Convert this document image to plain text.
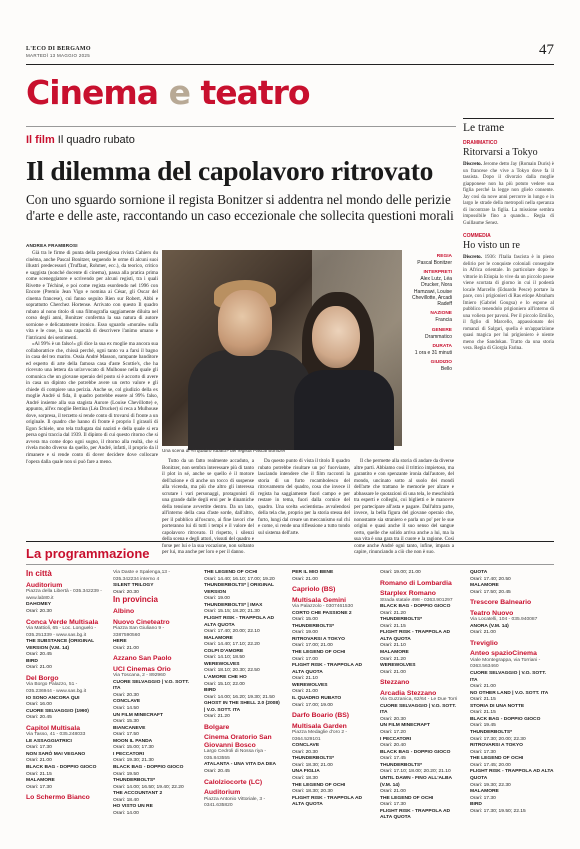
L'ECO DI BERGAMO
MARTEDÌ 13 MAGGIO 2025	47
Cinema e teatro
Il film Il quadro rubato
Il dilemma del capolavoro ritrovato
Con uno sguardo sornione il regista Bonitzer si addentra nel mondo delle perizie d'arte e delle aste, raccontando un caso eccezionale che sollecita questioni morali
ANDREA FRAMBROSI

Già tra le firme di punta della prestigiosa rivista Cahiers du cinéma, anche Pascal Bonitzer, seguendo le orme di alcuni suoi illustri predecessori (Truffaut, Rohmer, ecc.), da teorico, critico e saggista (nonché docente di cinema), passa alla pratica prima come sceneggiatore e scrivendo per alcuni registi, tra i quali Rivette e Téchiné, e poi come regista esordendo nel 1996 con Encore (Premio Jean Vigo e nomina ai César, gli Oscar del cinema francese), cui fanno seguito Rien sur Robert, Abbi e soprattutto Cherchez Hortense. Arrivato con questo Il quadro rubato al nono titolo di una filmografia saggiamente diluita nel corso degli anni, Bonitzer conferma la sua natura di autore sornione e delicatamente ironico. Esso sguardo «morale» sulla vita e le cose, la sua capacità di descrivere l'animo umano e l'intricarsi dei sentimenti.

«Al 99% è un falso!» gli dice la sua ex moglie ma ancora sua collaboratrice che, chissà perché, ogni tanto va a farsi il bagno in casa del tex marito. Ossia André Masson, rampante banditore ed esperto di arte della famosa casa d'aste Scottie's, che ha ricevuto una lettera da un'avvocato di Mulhouse nella quale gli comunica che un giovane operaio del posto si è accorto di avere in casa un dipinto che potrebbe avere un certo valore e gli chiede di compiere una perizia. Anche se, col giudizio della ex moglie André si fida, il quadro potrebbe essere al 99% falso, André insieme alla sua stagista Aurore (Louise Chevillotte) e, appunto, all'ex moglie Bertina (Léa Drucker) si reca a Mulhouse dove, sorpresa, il terzetto si rende conto di trovarsi di fronte a un originale. Il quadro che hanno di fronte è proprio I girasoli di Egon Schiele, uno tela trafugata dai nazisti e della quale si era persa ogni traccia dal 1939. Il dipinto di cui questo ritorno che si avvera ma come dopo ogni sogno, il ritorno alla realtà, che si rivela molto diverso da quello, per André, infatti, il proprio da il rimanere e si rende conto di dover decidere dove collocare l'opera dalla quale non si può fare a meno.

Una scena di «Il quadro rubato» del regista Pascal Bonitzer
REGIA
Pascal Bonitzer
INTERPRETI
Alex Lutz, Léa Drucker, Nora Hamzawi, Louise Chevillotte, Arcadi Radeff
NAZIONE
Francia
GENERE
Drammatico
DURATA
1 ora e 31 minuti
GIUDIZIO
Bello

Tutto da un fatto realmente accaduto, a Bonitzer, non sembra interessare più di tanto il plot in sé, anche se quello è il motore dell'azione e di anche un tocco di suspense alla vicenda, ma più che altro gli interessa scrutare i vari personaggi, protagonisti di una grande dalle degli eroi per le dinamiche della tensione avvertite dentro. Da un lato, all'interno della casa d'aste sorde, dall'altro, per il pubblico all'oscuro, ai fine lavori che porteranno lui di tutti i tempi e il valore del capolavoro ritrovato. Il rispetto, i silenzi della scena e degli attori, vissuti del quadro e forse per lui e la sua vocazione, non soltanto per lui, ma anche per loro e per il danno.

Da questo punto di vista il titolo Il quadro rubato potrebbe risultare un po' fuorviante, lasciando intendere che il film racconti la storia di un furto rocambolesco del ritrovamento del quadro, cosa che invece il regista ha saggiamente fuori campo e per restare in tema, fuori dalla cornice del quadro. Una scelta «scientista» avvalendosi della tela che, proprio per la storia stessa del furto, lungi dal creare un meccanismo sul chi e come, si rende una riflessione a tutto tondo sul sistema dell'arte.

Il che permette alla storia di andare da diverse altre parti. Abbiamo così il trittico impietoso, ma garantito e con spenzante ironia dall'autore, del mondo, uncinato sotto al suolo dei mondi dell'arte che trattano le memorie per alzare e abbassare le quotazioni di una tela, le meschinità tra esperti e colleghi, coi biglietti e le manovre per partecipare all'asta e pagare. Dall'altra parte, invece, la bella figura del giovane operaio che, nonostante sia straniero e parla un po' per le sue origini e quasi anche il suo senso del sangue certo, quelle che solido arriva anche a lui, ma la sua vita è una gara tra il cuore e la ragione. Così come anche André ogni tanto, infine, impara a capire, rinunciando a ciò che non è suo.

Le trame
DRAMMATICO
Ritorvarsi a Tokyo
Discreto. Jerome detto Jay (Romain Duris) è un francese che vive a Tokyo dove fa il tassista. Dopo il divorzio dalla moglie giapponese non ha più potuto vedere sua figlia perché la legge non glielo consente. Jay così da nove anni percorre in lungo e in largo le strade della metropoli nella speranza di incontrare la figlia. La missione sembra impossibile fino a quando... Regia di Guillaume Senez.
COMMEDIA
Ho visto un re
Discreto. 1936: l'Italia fascista è in pieno delirio per le conquiste coloniali conseguite in Africa orientale. In particolare dopo le vittorie in Etiopia lo vive da un piccolo paese viene scortata di giorno in cui il podestà locale Marcello (Edoardo Pesce) portare la pace, con i prigionieri di Ras etiope Abraham Imiero (Gabriel Gougsa) e lo espone al pubblico tenendolo prigioniero all'interno di una voliera per pavoni. Per il piccolo Emilio, il figlio di Marcello, appassionato dei romanzi di Salgari, quella è un'apparizione quasi magica per lui prigioniero è niente meno che Sandokan. Tratto da una storia vera. Regia di Giorgia Farina.
La programmazione
In città
Auditorium
Piazza della Libertà - 035.342239 - www.lab80.it
DAHOMEY
Orari: 20.30
Conca Verde Multisala
Via Mattioli, 65 - Loc. Longuelo - 035.251339 - www.sas.bg.it
THE SUBSTANCE (ORIGINAL VERSION (V.M. 14)
Orari: 20.45
BIRD
Orari: 21.00
Del Borgo
Via Borgo Palazzo, 51 - 035.236944 - www.sas.bg.it
IO SONO ANCORA QUI
Orari: 16.00
CUORE SELVAGGIO (1990)
Orari: 20.45
Capitol Multisala
Via Tasso, 41 - 035.248033
LE ASSAGGIATRICI
Orari: 17.30
NON SARÒ MAI VEGANO
Orari: 21.00
BLACK BAG - DOPPIO GIOCO
Orari: 21.15
MALAMORE
Orari: 17.30
Lo Schermo Bianco
Via Daste e Spalenga,13 - 035.342234 interno 4
SILENT TRILOGY
Orari: 20.30
In provincia
Albino
Nuovo Cineteatro
Piazza San Giuliano 9 - 3387590560
HERE
Orari: 21.00
Azzano San Paolo
UCI Cinemas Orio
Via Toscana, 2 - 892960
CUORE SELVAGGIO | V.O. SOTT. ITA
Orari: 20.30
CONCLAVE
Orari: 14.50
UN FILM MINECRAFT
Orari: 15.30
BIANCANEVE
Orari: 17.50
MOON IL PANDA
Orari: 15.00; 17.30
I PECCATORI
Orari: 19.30; 21.30
BLACK BAG - DOPPIO GIOCO
Orari: 19.50
THUNDERBOLTS*
Orari: 14.00; 16.50; 19.40; 22.20
THE ACCOUNTANT 2
Orari: 18.40
HO VISTO UN RE
Orari: 14.00
THE LEGEND OF OCHI
Orari: 14.40; 16.10; 17.00; 19.20
THUNDERBOLTS* | ORIGINAL VERSION
Orari: 19.00
THUNDERBOLTS* | IMAX
Orari: 15.15; 18.20; 21.30
FLIGHT RISK - TRAPPOLA AD ALTA QUOTA
Orari: 17.40; 20.00; 22.10
MALAMORE
Orari: 14.40; 17.10; 22.20
COLPI D'AMORE
Orari: 14.10; 18.50
WEREWOLVES
Orari: 18.10; 20.30; 22.50
L'AMORE CHE HO
Orari: 15.10; 22.00
BIRD
Orari: 14.00; 16.20; 19.30; 21.50
GHOST IN THE SHELL 2.0 (2008) | V.O. SOTT. ITA
Orari: 21.20
Bolgare
Cinema Oratorio San Giovanni Bosco
Largo Cedroli di Nossa riya - 035.843555
ATALANTA - UNA VITA DA DEA
Orari: 20.45
Calolziocorte (LC)
Auditorium
Piazza Antonio Vittoriale, 3 - 0341.635820
PER IL MIO BENE
Orari: 21.00
Capriolo (BS)
Multisala Gemini
Via Palazzolo - 0307461530
CORTO CHE PASSIONE 2
Orari: 15.00
THUNDERBOLTS*
Orari: 19.00
RITROVARSI A TOKYO
Orari: 17.00; 21.00
THE LEGEND OF OCHI
Orari: 17.00
FLIGHT RISK - TRAPPOLA AD ALTA QUOTA
Orari: 21.10
WEREWOLVES
Orari: 21.00
IL QUADRO RUBATO
Orari: 17.00; 19.00
Darfo Boario (BS)
Multisala Garden
Piazza Medaglie d'oro 2 - 0364.529101
CONCLAVE
Orari: 20.30
THUNDERBOLTS*
Orari: 18.30; 21.00
UNA FIGLIA
Orari: 18.30
THE LEGEND OF OCHI
Orari: 18.30; 20.30
FLIGHT RISK - TRAPPOLA AD ALTA QUOTA
Orari: 19.00; 21.00
Romano di Lombardia
Starplex Romano
Strada statale 498 - 0363.901297
BLACK BAG - DOPPIO GIOCO
Orari: 21.20
THUNDERBOLTS*
Orari: 21.15
FLIGHT RISK - TRAPPOLA AD ALTA QUOTA
Orari: 21.10
MALAMORE
Orari: 21.20
WEREWOLVES
Orari: 21.00
Stezzano
Arcadia Stezzano
Via Guzzanica, 62/64 - Le Due Torri
CUORE SELVAGGIO | V.O. SOTT. ITA
Orari: 20.30
UN FILM MINECRAFT
Orari: 17.20
I PECCATORI
Orari: 20.40
BLACK BAG - DOPPIO GIOCO
Orari: 17.45
THUNDERBOLTS*
Orari: 17.10; 18.00; 20.20; 21.10
UNTIL DAWN - FINO ALL'ALBA (V.M. 14)
Orari: 21.00
THE LEGEND OF OCHI
Orari: 17.30
FLIGHT RISK - TRAPPOLA AD ALTA QUOTA
QUOTA
Orari: 17.40; 20.50
MALAMORE
Orari: 17.50; 20.45
Trescore Balneario
Teatro Nuovo
Via Locatelli, 104 - 035.940087
ANORA (V.M. 14)
Orari: 21.00
Treviglio
Anteo spazioCinema
Viale Montegrappa, via Torriani - 0363.563460
CUORE SELVAGGIO | V.O. SOTT. ITA
Orari: 21.00
NO OTHER LAND | V.O. SOTT. ITA
Orari: 21.15
STORIA DI UNA NOTTE
Orari: 21.15
BLACK BAG - DOPPIO GIOCO
Orari: 19.45
THUNDERBOLTS*
Orari: 17.30; 20.00; 22.30
RITROVARSI A TOKYO
Orari: 17.30
THE LEGEND OF OCHI
Orari: 17.45; 20.00
FLIGHT RISK - TRAPPOLA AD ALTA QUOTA
Orari: 19.30; 22.30
MALAMORE
Orari: 17.30
BIRD
Orari: 17.30; 19.50; 22.15
